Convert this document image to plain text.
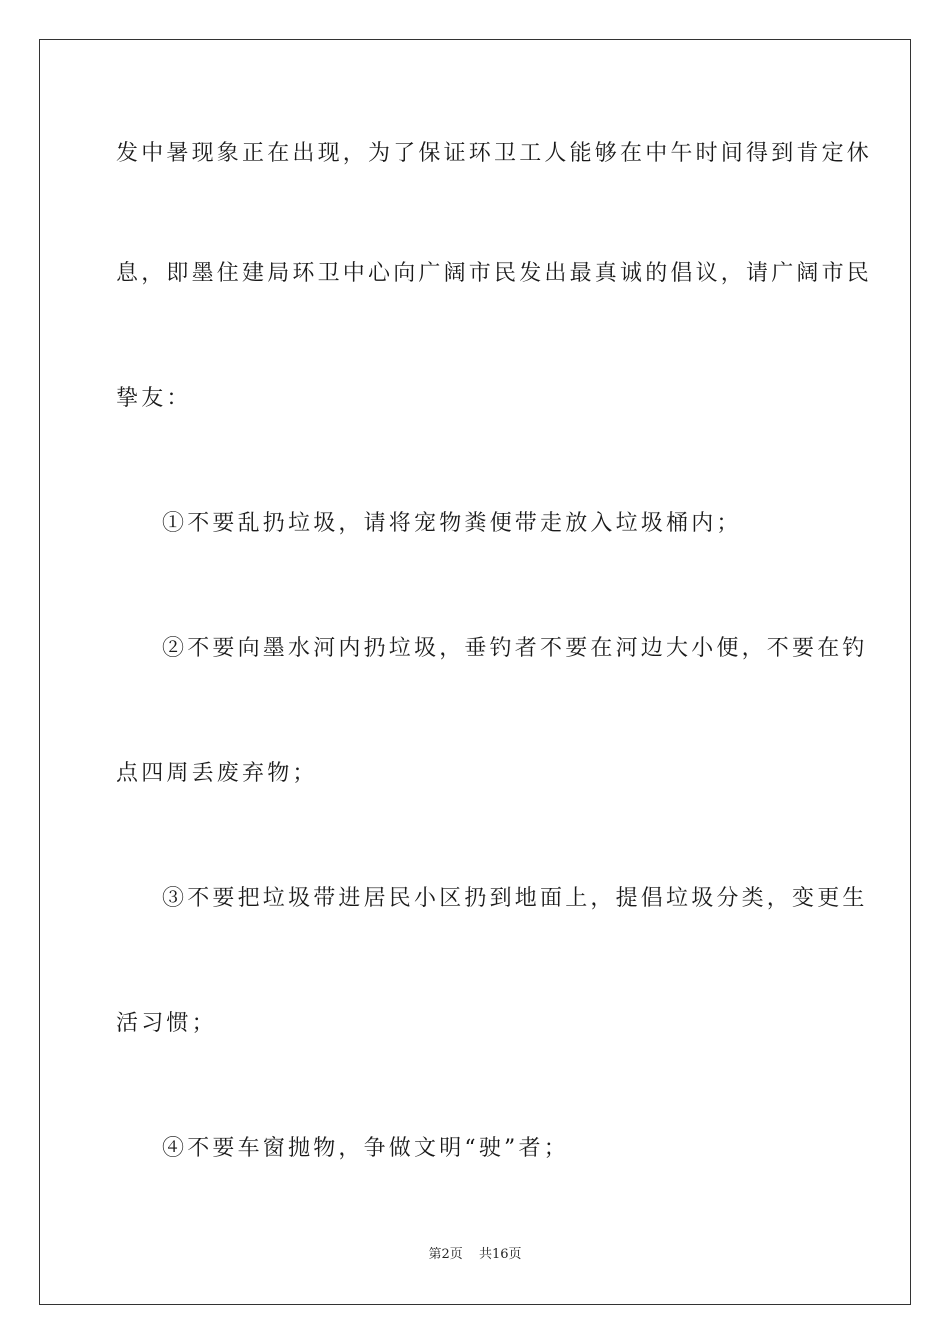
发中暑现象正在出现，为了保证环卫工人能够在中午时间得到肯定休
息，即墨住建局环卫中心向广阔市民发出最真诚的倡议，请广阔市民
挚友：
①不要乱扔垃圾，请将宠物粪便带走放入垃圾桶内；
②不要向墨水河内扔垃圾，垂钓者不要在河边大小便，不要在钓
点四周丢废弃物；
③不要把垃圾带进居民小区扔到地面上，提倡垃圾分类，变更生
活习惯；
④不要车窗抛物，争做文明“驶”者；
第2页 共16页
